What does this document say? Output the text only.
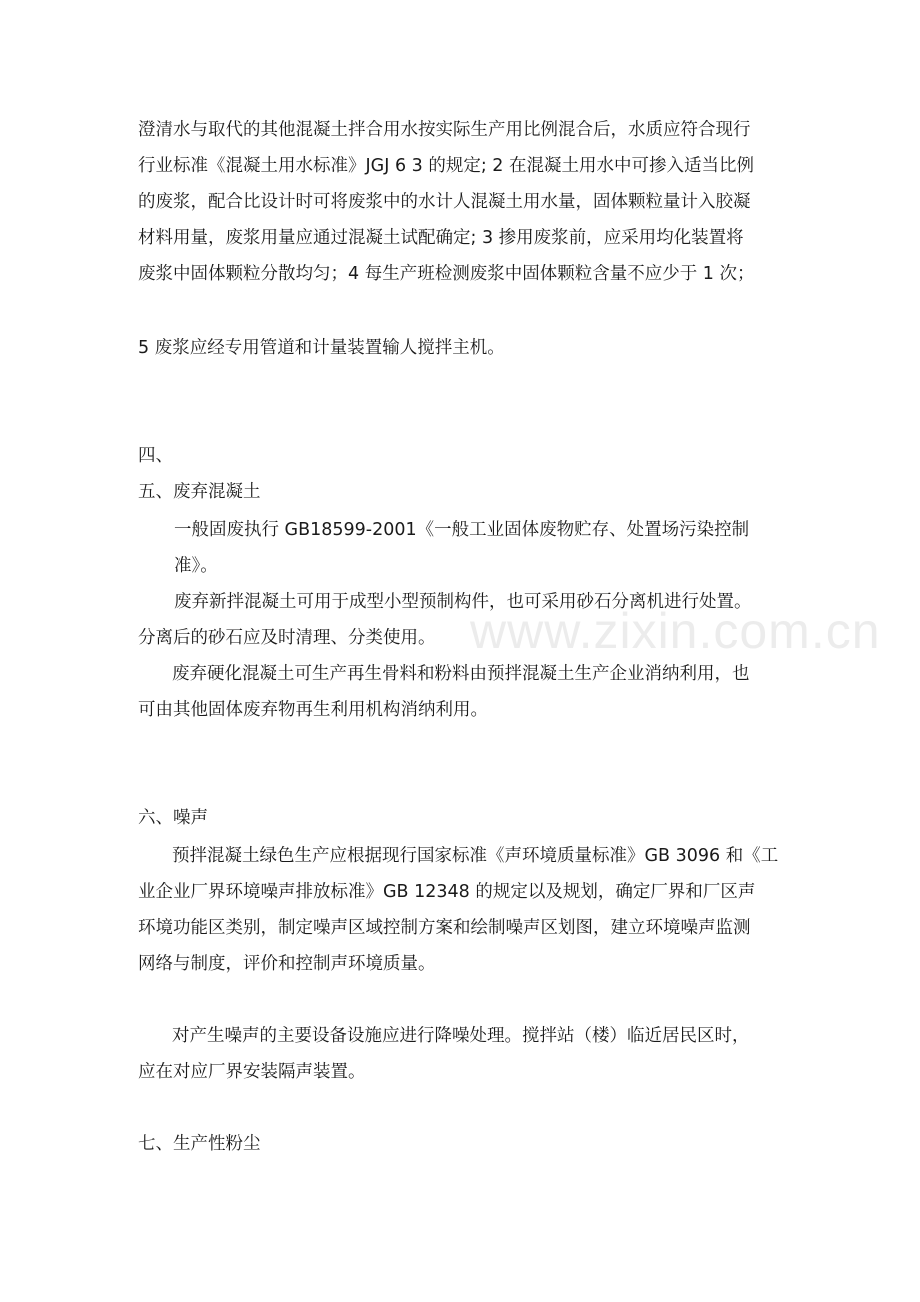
澄清水与取代的其他混凝土拌合用水按实际生产用比例混合后，水质应符合现行
行业标准《混凝土用水标准》JGJ 6 3 的规定; 2 在混凝土用水中可掺入适当比例
的废浆，配合比设计时可将废浆中的水计人混凝土用水量，固体颗粒量计入胶凝
材料用量，废浆用量应通过混凝土试配确定; 3 掺用废浆前，应采用均化装置将
废浆中固体颗粒分散均匀；4 每生产班检测废浆中固体颗粒含量不应少于 1 次；
5 废浆应经专用管道和计量装置输人搅拌主机。
四、
五、废弃混凝土
一般固废执行 GB18599-2001《一般工业固体废物贮存、处置场污染控制
准》。
废弃新拌混凝土可用于成型小型预制构件，也可采用砂石分离机进行处置。
分离后的砂石应及时清理、分类使用。
废弃硬化混凝土可生产再生骨料和粉料由预拌混凝土生产企业消纳利用，也
可由其他固体废弃物再生利用机构消纳利用。
六、噪声
预拌混凝土绿色生产应根据现行国家标准《声环境质量标准》GB 3096 和《工
业企业厂界环境噪声排放标准》GB 12348 的规定以及规划，确定厂界和厂区声
环境功能区类别，制定噪声区域控制方案和绘制噪声区划图，建立环境噪声监测
网络与制度，评价和控制声环境质量。
对产生噪声的主要设备设施应进行降噪处理。搅拌站（楼）临近居民区时，
应在对应厂界安装隔声装置。
七、生产性粉尘
www.zixin.com.cn
